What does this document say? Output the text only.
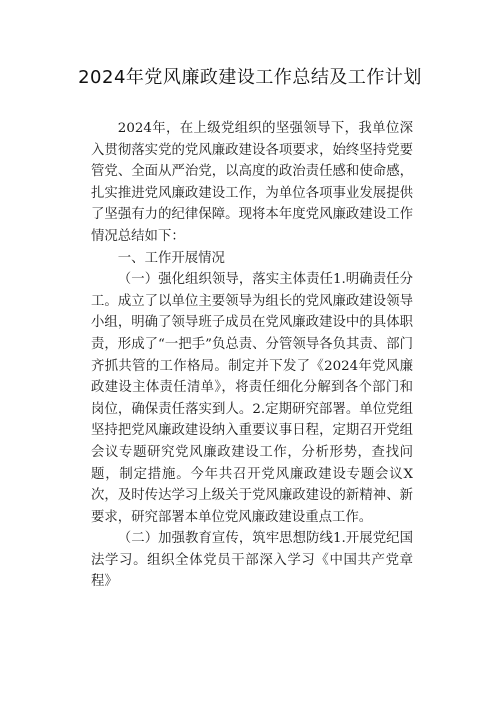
2024年党风廉政建设工作总结及工作计划

2024年，在上级党组织的坚强领导下，我单位深入贯彻落实党的党风廉政建设各项要求，始终坚持党要管党、全面从严治党，以高度的政治责任感和使命感，扎实推进党风廉政建设工作，为单位各项事业发展提供了坚强有力的纪律保障。现将本年度党风廉政建设工作情况总结如下：

一、工作开展情况

（一）强化组织领导，落实主体责任1.明确责任分工。成立了以单位主要领导为组长的党风廉政建设领导小组，明确了领导班子成员在党风廉政建设中的具体职责，形成了“一把手”负总责、分管领导各负其责、部门齐抓共管的工作格局。制定并下发了《2024年党风廉政建设主体责任清单》，将责任细化分解到各个部门和岗位，确保责任落实到人。2.定期研究部署。单位党组坚持把党风廉政建设纳入重要议事日程，定期召开党组会议专题研究党风廉政建设工作，分析形势，查找问题，制定措施。今年共召开党风廉政建设专题会议X次，及时传达学习上级关于党风廉政建设的新精神、新要求，研究部署本单位党风廉政建设重点工作。

（二）加强教育宣传，筑牢思想防线1.开展党纪国法学习。组织全体党员干部深入学习《中国共产党章程》
